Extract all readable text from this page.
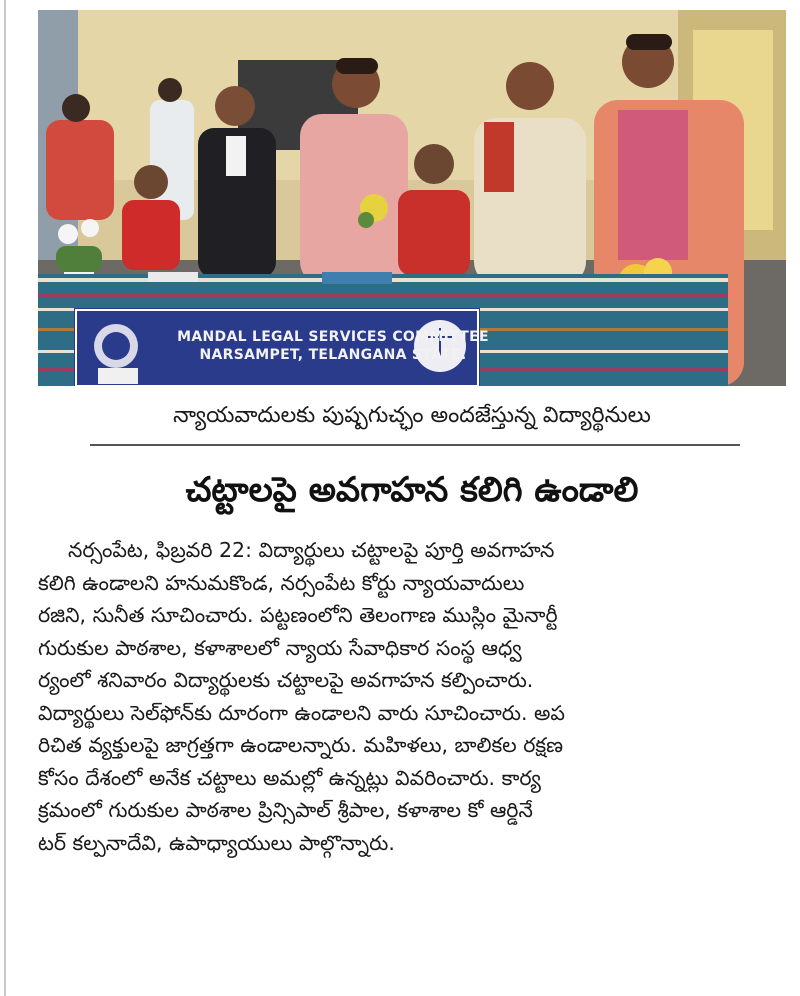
MANDAL LEGAL SERVICES COMMITTEE
NARSAMPET, TELANGANA STATE.
న్యాయవాదులకు పుష్పగుచ్ఛం అందజేస్తున్న విద్యార్థినులు
చట్టాలపై అవగాహన కలిగి ఉండాలి
నర్సంపేట, ఫిబ్రవరి 22: విద్యార్థులు చట్టాలపై పూర్తి అవగాహన
కలిగి ఉండాలని హనుమకొండ, నర్సంపేట కోర్టు న్యాయవాదులు
రజిని, సునీత సూచించారు. పట్టణంలోని తెలంగాణ ముస్లిం మైనార్టీ
గురుకుల పాఠశాల, కళాశాలలో న్యాయ సేవాధికార సంస్థ ఆధ్వ
ర్యంలో శనివారం విద్యార్థులకు చట్టాలపై అవగాహన కల్పించారు.
విద్యార్థులు సెల్‌ఫోన్‌కు దూరంగా ఉండాలని వారు సూచించారు. అప
రిచిత వ్యక్తులపై జాగ్రత్తగా ఉండాలన్నారు. మహిళలు, బాలికల రక్షణ
కోసం దేశంలో అనేక చట్టాలు అమల్లో ఉన్నట్లు వివరించారు. కార్య
క్రమంలో గురుకుల పాఠశాల ప్రిన్సిపాల్ శ్రీపాల, కళాశాల కో ఆర్డినే
టర్ కల్పనాదేవి, ఉపాధ్యాయులు పాల్గొన్నారు.
